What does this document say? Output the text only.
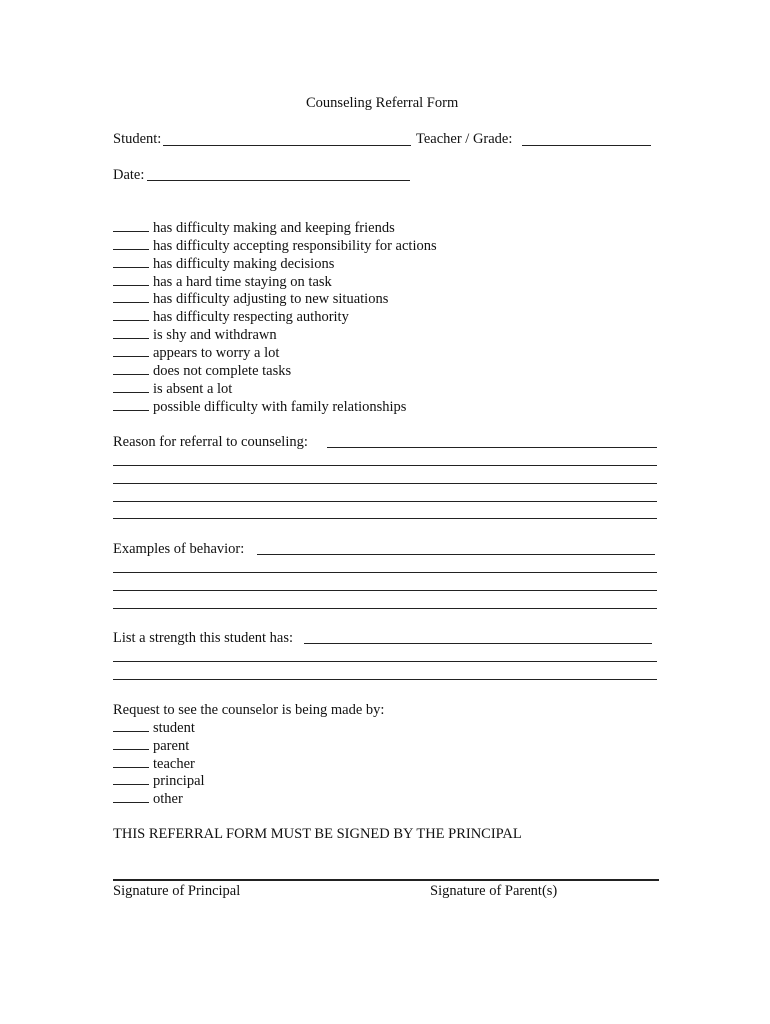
Counseling Referral Form
Student:	Teacher / Grade:
Date:
has difficulty making and keeping friends
has difficulty accepting responsibility for actions
has difficulty making decisions
has a hard time staying on task
has difficulty adjusting to new situations
has difficulty respecting authority
is shy and withdrawn
appears to worry a lot
does not complete tasks
is absent a lot
possible difficulty with family relationships
Reason for referral to counseling:
Examples of behavior:
List a strength this student has:
Request to see the counselor is being made by:
student
parent
teacher
principal
other
THIS REFERRAL FORM MUST BE SIGNED BY THE PRINCIPAL
Signature of Principal	Signature of Parent(s)
